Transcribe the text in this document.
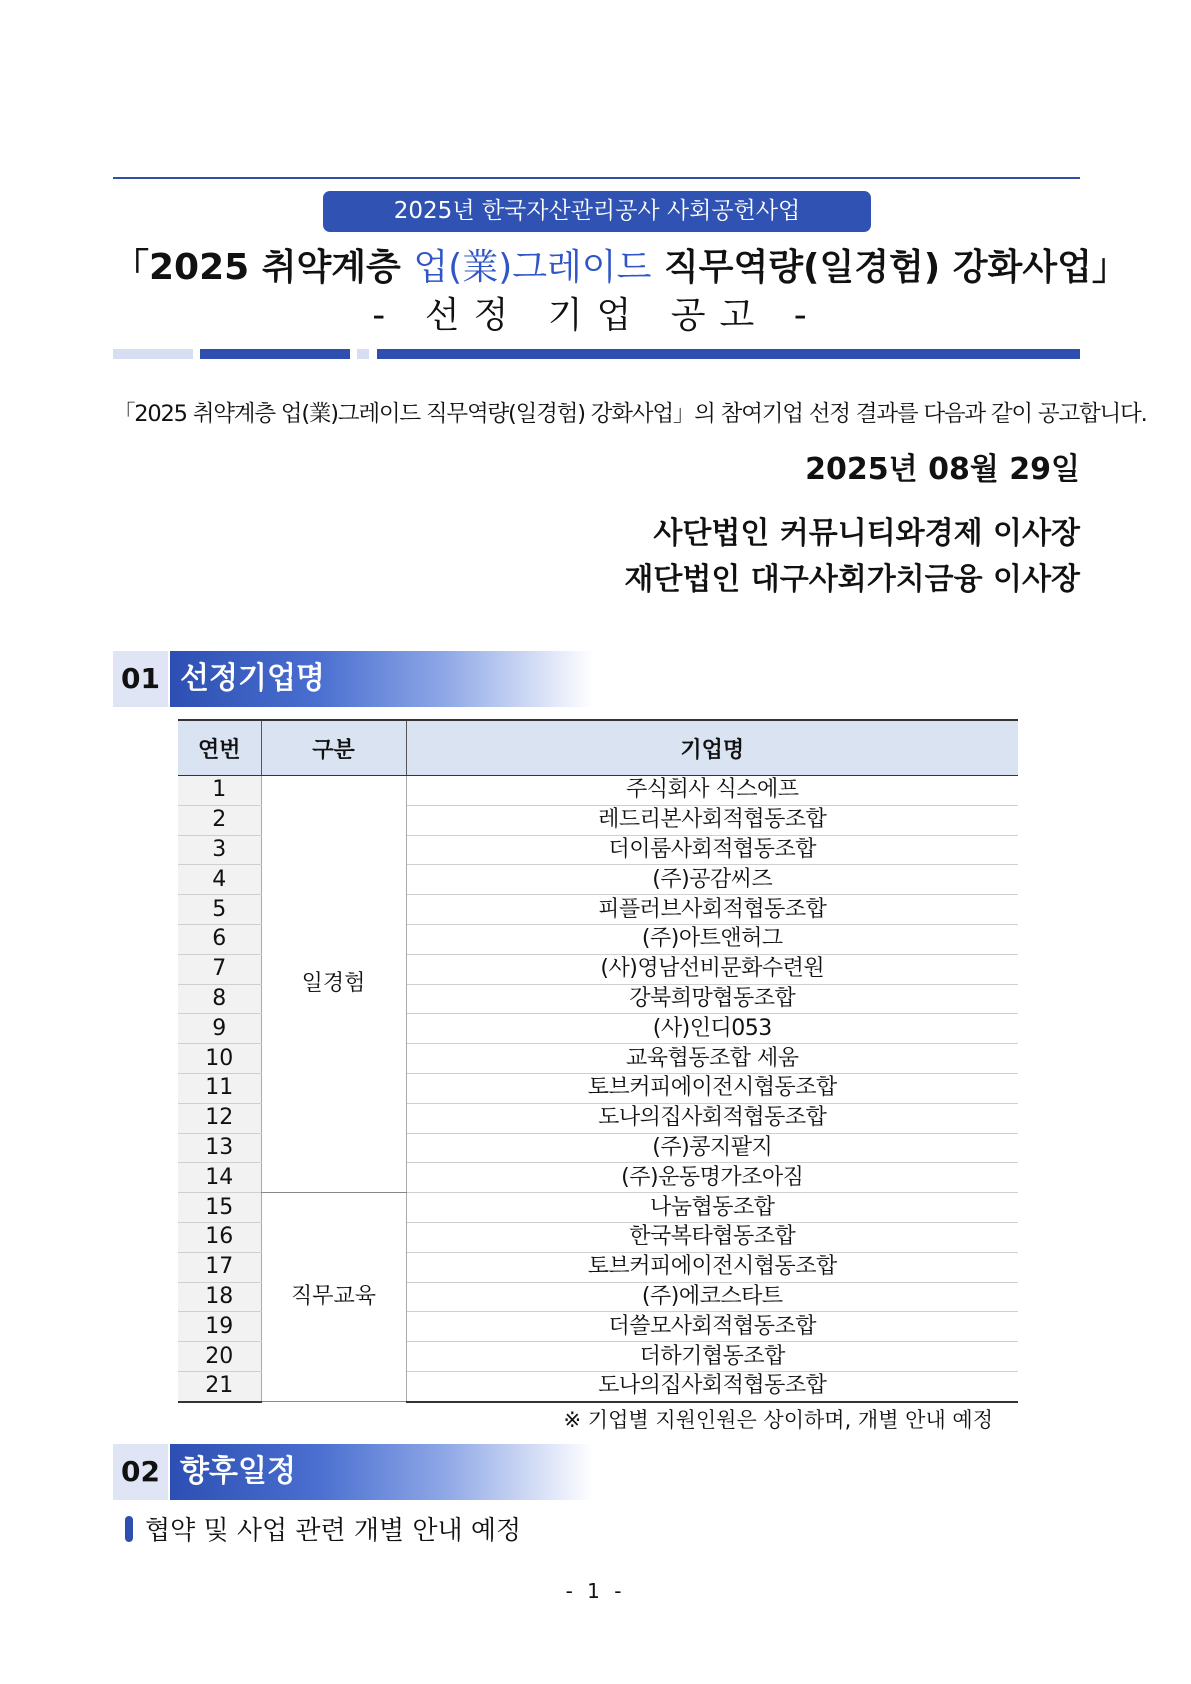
2025년 한국자산관리공사 사회공헌사업
「2025 취약계층 업(業)그레이드 직무역량(일경험) 강화사업」
- 선정 기업 공고 -
「2025 취약계층 업(業)그레이드 직무역량(일경험) 강화사업」의 참여기업 선정 결과를 다음과 같이 공고합니다.
2025년 08월 29일
사단법인 커뮤니티와경제 이사장
재단법인 대구사회가치금융 이사장
01 선정기업명
연번	구분	기업명
1	일경험	주식회사 식스에프
2		레드리본사회적협동조합
3		더이룸사회적협동조합
4		(주)공감씨즈
5		피플러브사회적협동조합
6		(주)아트앤허그
7		(사)영남선비문화수련원
8		강북희망협동조합
9		(사)인디053
10		교육협동조합 세움
11		토브커피에이전시협동조합
12		도나의집사회적협동조합
13		(주)콩지팥지
14		(주)운동명가조아짐
15	직무교육	나눔협동조합
16		한국복타협동조합
17		토브커피에이전시협동조합
18		(주)에코스타트
19		더쓸모사회적협동조합
20		더하기협동조합
21		도나의집사회적협동조합
※ 기업별 지원인원은 상이하며, 개별 안내 예정
02 향후일정
협약 및 사업 관련 개별 안내 예정
- 1 -
